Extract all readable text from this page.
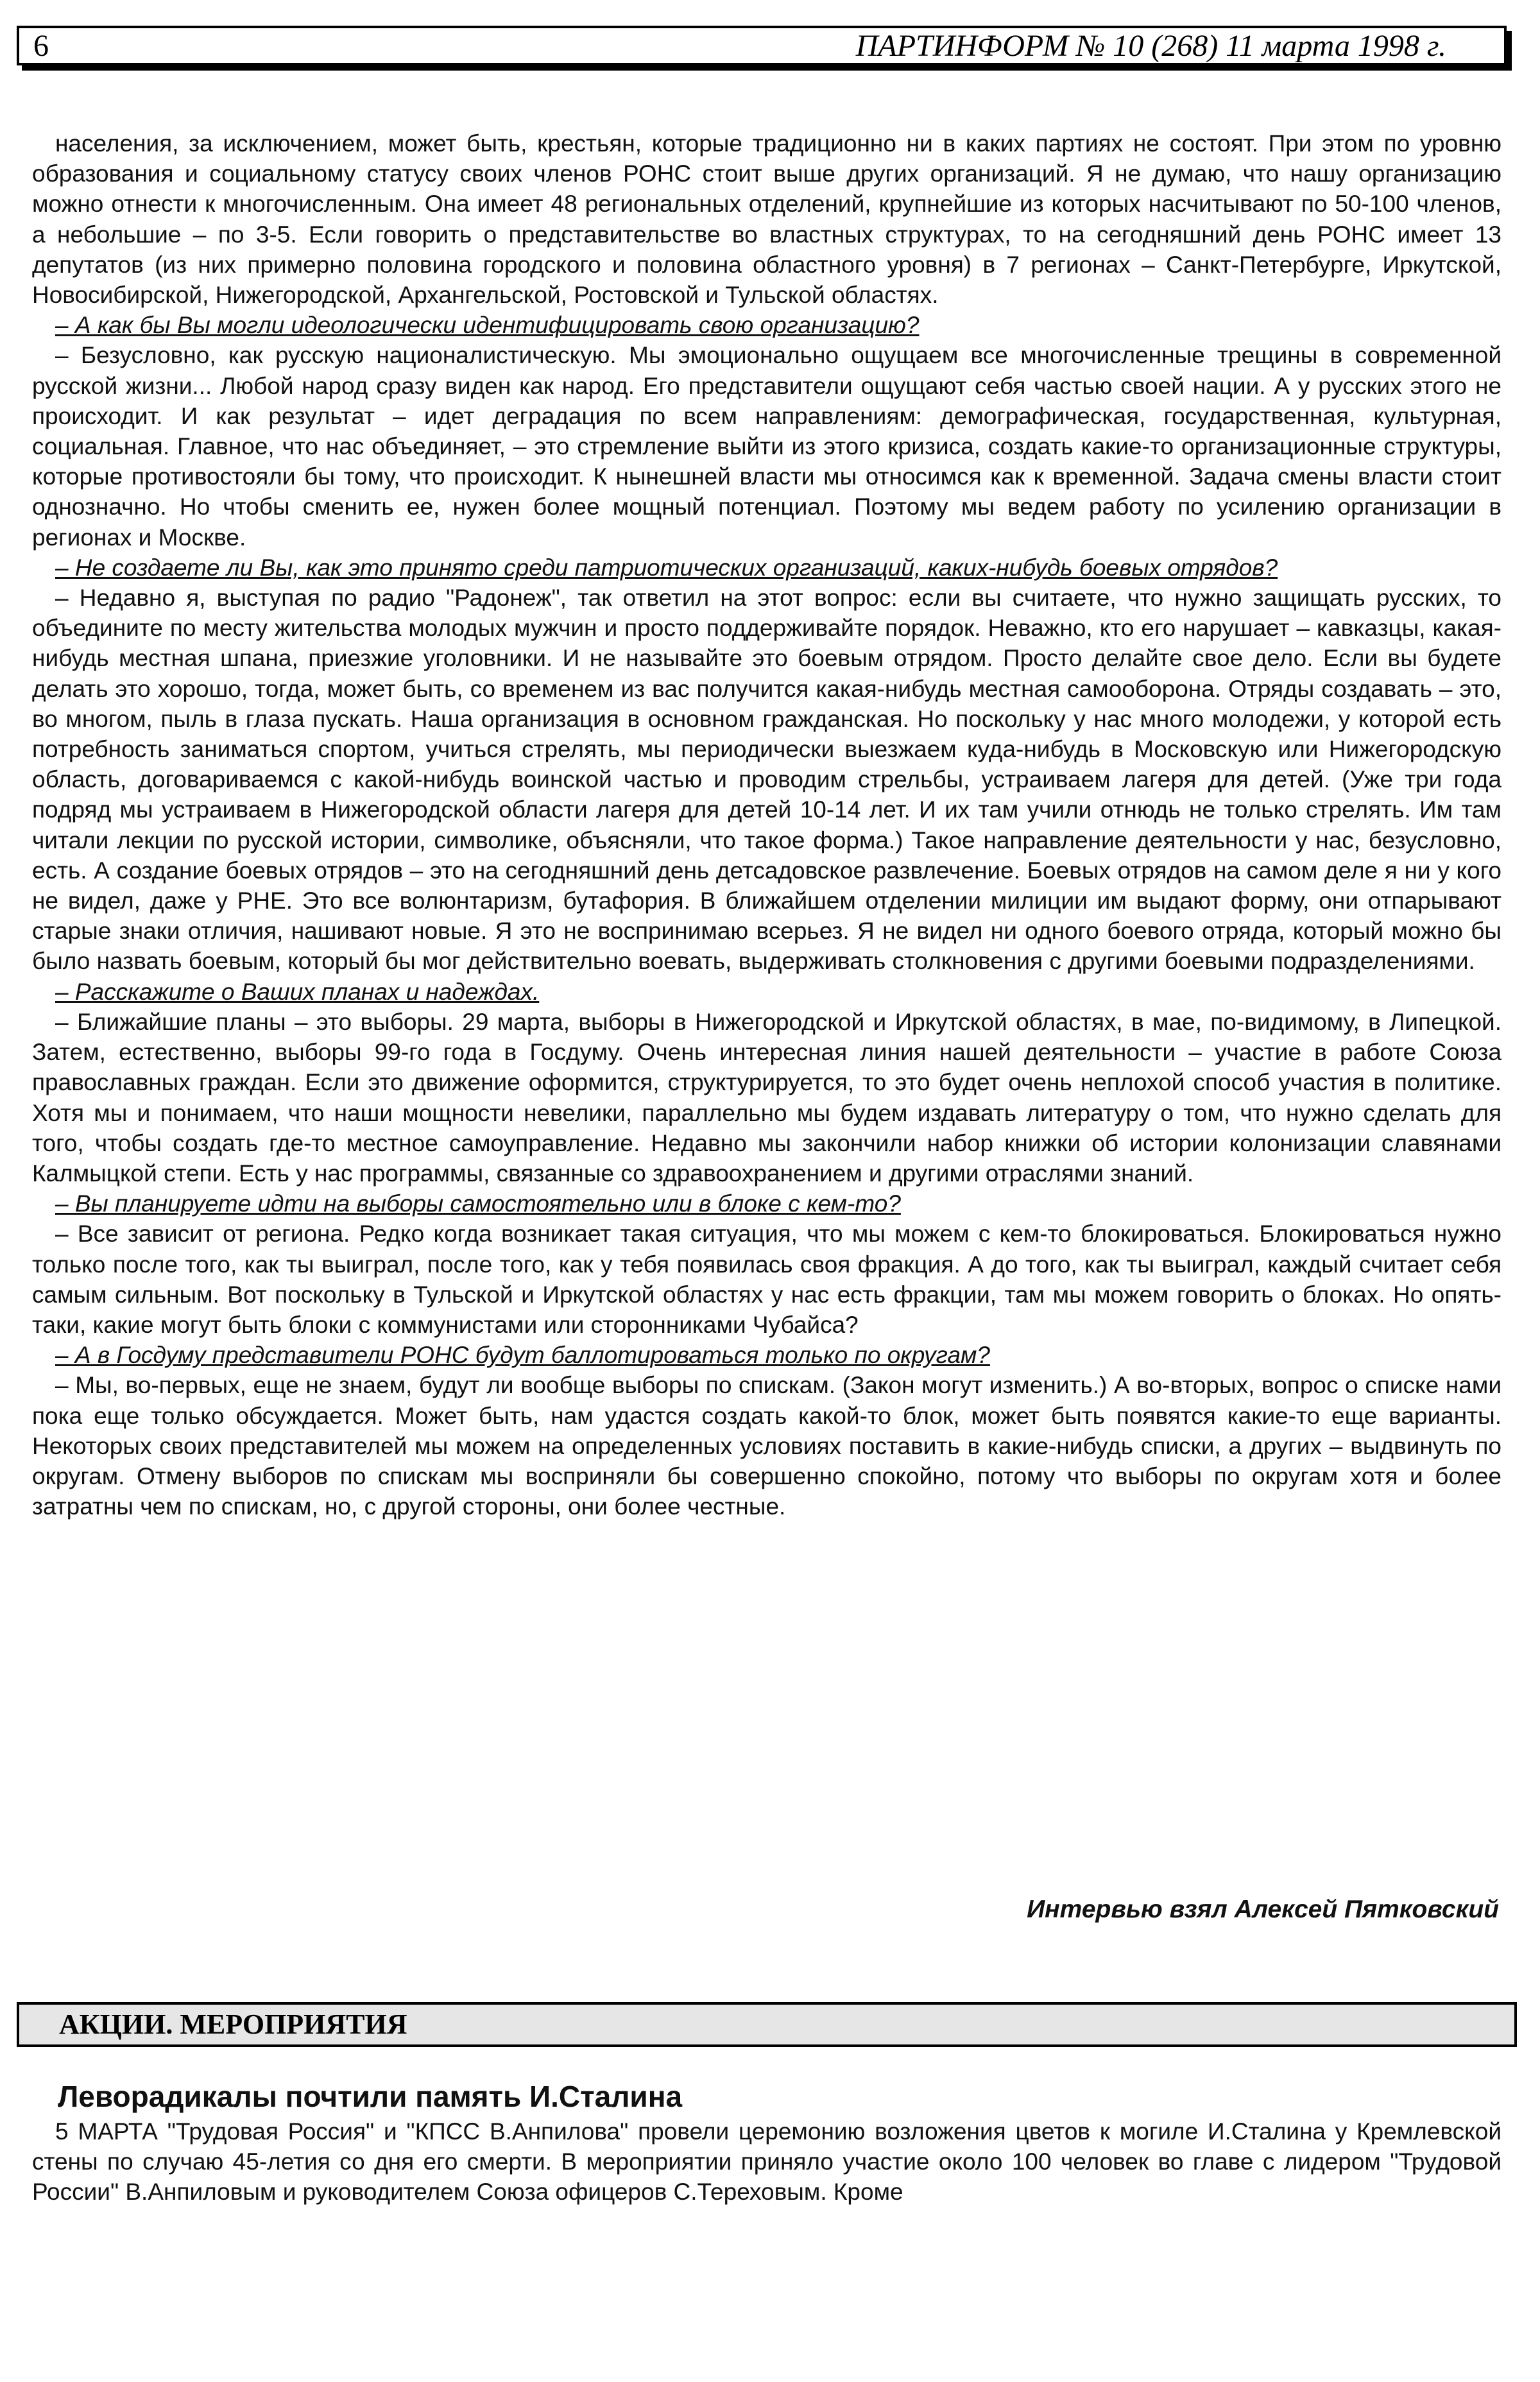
6	ПАРТИНФОРМ № 10 (268) 11 марта 1998 г.

населения, за исключением, может быть, крестьян, которые традиционно ни в каких партиях не состоят. При этом по уровню образования и социальному статусу своих членов РОНС стоит выше других организаций. Я не думаю, что нашу организацию можно отнести к многочисленным. Она имеет 48 региональных отделений, крупнейшие из которых насчитывают по 50-100 членов, а небольшие – по 3-5. Если говорить о представительстве во властных структурах, то на сегодняшний день РОНС имеет 13 депутатов (из них примерно половина городского и половина областного уровня) в 7 регионах – Санкт-Петербурге, Иркутской, Новосибирской, Нижегородской, Архангельской, Ростовской и Тульской областях.

– А как бы Вы могли идеологически идентифицировать свою организацию?

– Безусловно, как русскую националистическую. Мы эмоционально ощущаем все многочисленные трещины в современной русской жизни... Любой народ сразу виден как народ. Его представители ощущают себя частью своей нации. А у русских этого не происходит. И как результат – идет деградация по всем направлениям: демографическая, государственная, культурная, социальная. Главное, что нас объединяет, – это стремление выйти из этого кризиса, создать какие-то организационные структуры, которые противостояли бы тому, что происходит. К нынешней власти мы относимся как к временной. Задача смены власти стоит однозначно. Но чтобы сменить ее, нужен более мощный потенциал. Поэтому мы ведем работу по усилению организации в регионах и Москве.

– Не создаете ли Вы, как это принято среди патриотических организаций, каких-нибудь боевых отрядов?

– Недавно я, выступая по радио "Радонеж", так ответил на этот вопрос: если вы считаете, что нужно защищать русских, то объедините по месту жительства молодых мужчин и просто поддерживайте порядок. Неважно, кто его нарушает – кавказцы, какая-нибудь местная шпана, приезжие уголовники. И не называйте это боевым отрядом. Просто делайте свое дело. Если вы будете делать это хорошо, тогда, может быть, со временем из вас получится какая-нибудь местная самооборона. Отряды создавать – это, во многом, пыль в глаза пускать. Наша организация в основном гражданская. Но поскольку у нас много молодежи, у которой есть потребность заниматься спортом, учиться стрелять, мы периодически выезжаем куда-нибудь в Московскую или Нижегородскую область, договариваемся с какой-нибудь воинской частью и проводим стрельбы, устраиваем лагеря для детей. (Уже три года подряд мы устраиваем в Нижегородской области лагеря для детей 10-14 лет. И их там учили отнюдь не только стрелять. Им там читали лекции по русской истории, символике, объясняли, что такое форма.) Такое направление деятельности у нас, безусловно, есть. А создание боевых отрядов – это на сегодняшний день детсадовское развлечение. Боевых отрядов на самом деле я ни у кого не видел, даже у РНЕ. Это все волюнтаризм, бутафория. В ближайшем отделении милиции им выдают форму, они отпарывают старые знаки отличия, нашивают новые. Я это не воспринимаю всерьез. Я не видел ни одного боевого отряда, который можно бы было назвать боевым, который бы мог действительно воевать, выдерживать столкновения с другими боевыми подразделениями.

– Расскажите о Ваших планах и надеждах.

– Ближайшие планы – это выборы. 29 марта, выборы в Нижегородской и Иркутской областях, в мае, по-видимому, в Липецкой. Затем, естественно, выборы 99-го года в Госдуму. Очень интересная линия нашей деятельности – участие в работе Союза православных граждан. Если это движение оформится, структурируется, то это будет очень неплохой способ участия в политике. Хотя мы и понимаем, что наши мощности невелики, параллельно мы будем издавать литературу о том, что нужно сделать для того, чтобы создать где-то местное самоуправление. Недавно мы закончили набор книжки об истории колонизации славянами Калмыцкой степи. Есть у нас программы, связанные со здравоохранением и другими отраслями знаний.

– Вы планируете идти на выборы самостоятельно или в блоке с кем-то?

– Все зависит от региона. Редко когда возникает такая ситуация, что мы можем с кем-то блокироваться. Блокироваться нужно только после того, как ты выиграл, после того, как у тебя появилась своя фракция. А до того, как ты выиграл, каждый считает себя самым сильным. Вот поскольку в Тульской и Иркутской областях у нас есть фракции, там мы можем говорить о блоках. Но опять-таки, какие могут быть блоки с коммунистами или сторонниками Чубайса?

– А в Госдуму представители РОНС будут баллотироваться только по округам?

– Мы, во-первых, еще не знаем, будут ли вообще выборы по спискам. (Закон могут изменить.) А во-вторых, вопрос о списке нами пока еще только обсуждается. Может быть, нам удастся создать какой-то блок, может быть появятся какие-то еще варианты. Некоторых своих представителей мы можем на определенных условиях поставить в какие-нибудь списки, а других – выдвинуть по округам. Отмену выборов по спискам мы восприняли бы совершенно спокойно, потому что выборы по округам хотя и более затратны чем по спискам, но, с другой стороны, они более честные.

Интервью взял Алексей Пятковский
АКЦИИ. МЕРОПРИЯТИЯ
Леворадикалы почтили память И.Сталина

5 МАРТА "Трудовая Россия" и "КПСС В.Анпилова" провели церемонию возложения цветов к могиле И.Сталина у Кремлевской стены по случаю 45-летия со дня его смерти. В мероприятии приняло участие около 100 человек во главе с лидером "Трудовой России" В.Анпиловым и руководителем Союза офицеров С.Тереховым. Кроме
